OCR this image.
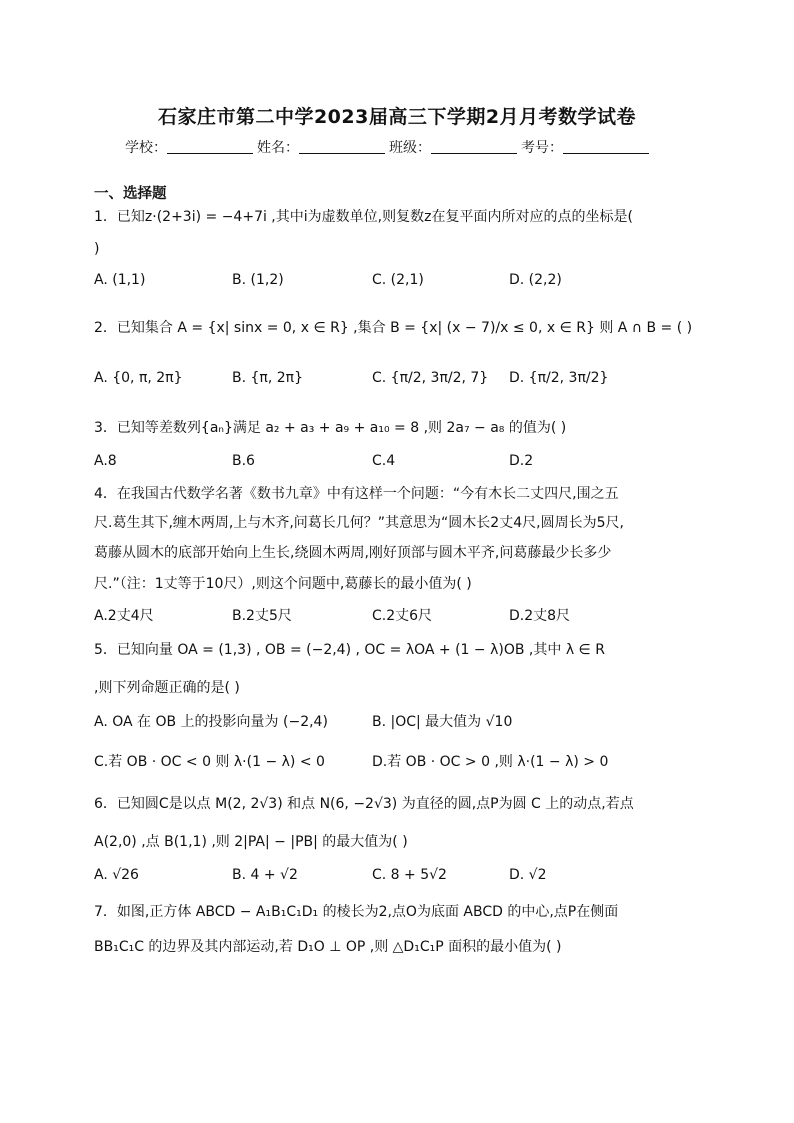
石家庄市第二中学2023届高三下学期2月月考数学试卷
学校：	姓名：	班级：	考号：
一、选择题
1．已知z·(2+3i) = −4+7i ,其中i为虚数单位,则复数z在复平面内所对应的点的坐标是(
)
A. (1,1)	B. (1,2)	C. (2,1)	D. (2,2)
2．已知集合 A = {x| sinx = 0, x ∈ R} ,集合 B = {x| (x − 7)/x ≤ 0, x ∈ R} 则 A ∩ B = ( )
A. {0, π, 2π}	B. {π, 2π}	C. {π/2, 3π/2, 7} D. {π/2, 3π/2}
3．已知等差数列{aₙ}满足 a₂ + a₃ + a₉ + a₁₀ = 8 ,则 2a₇ − a₈ 的值为( )
A.8	B.6	C.4	D.2
4．在我国古代数学名著《数书九章》中有这样一个问题：“今有木长二丈四尺,围之五
尺.葛生其下,缠木两周,上与木齐,问葛长几何？”其意思为“圆木长2丈4尺,圆周长为5尺,
葛藤从圆木的底部开始向上生长,绕圆木两周,刚好顶部与圆木平齐,问葛藤最少长多少
尺.”（注：1丈等于10尺）,则这个问题中,葛藤长的最小值为( )
A.2丈4尺	B.2丈5尺	C.2丈6尺	D.2丈8尺
5．已知向量 OA = (1,3) , OB = (−2,4) , OC = λOA + (1 − λ)OB ,其中 λ ∈ R
,则下列命题正确的是( )
A. OA 在 OB 上的投影向量为 (−2,4)	B. |OC| 最大值为 √10
C.若 OB · OC < 0 则 λ·(1 − λ) < 0	D.若 OB · OC > 0 ,则 λ·(1 − λ) > 0
6．已知圆C是以点 M(2, 2√3) 和点 N(6, −2√3) 为直径的圆,点P为圆 C 上的动点,若点
A(2,0) ,点 B(1,1) ,则 2|PA| − |PB| 的最大值为( )
A. √26	B. 4 + √2	C. 8 + 5√2	D. √2
7．如图,正方体 ABCD − A₁B₁C₁D₁ 的棱长为2,点O为底面 ABCD 的中心,点P在侧面
BB₁C₁C 的边界及其内部运动,若 D₁O ⊥ OP ,则 △D₁C₁P 面积的最小值为( )
